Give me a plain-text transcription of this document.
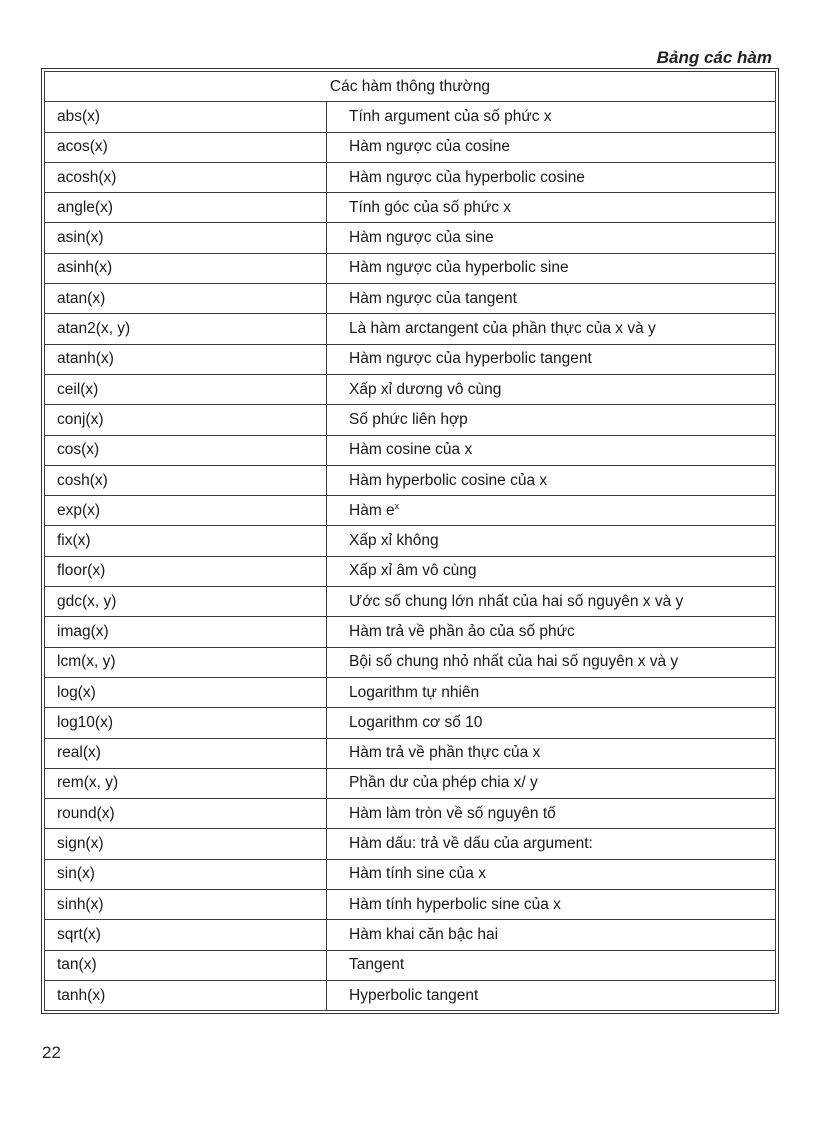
Bảng các hàm
Các hàm thông thường	
abs(x)	Tính argument của số phức x
acos(x)	Hàm ngược của cosine
acosh(x)	Hàm ngược của hyperbolic cosine
angle(x)	Tính góc của số phức x
asin(x)	Hàm ngược của sine
asinh(x)	Hàm ngược của hyperbolic sine
atan(x)	Hàm ngược của tangent
atan2(x, y)	Là hàm arctangent của phần thực của x và y
atanh(x)	Hàm ngược của hyperbolic tangent
ceil(x)	Xấp xỉ dương vô cùng
conj(x)	Số phức liên hợp
cos(x)	Hàm cosine của x
cosh(x)	Hàm hyperbolic cosine của x
exp(x)	Hàm $e^x$
fix(x)	Xấp xỉ không
floor(x)	Xấp xỉ âm vô cùng
gdc(x, y)	Ước số chung lớn nhất của hai số nguyên x và y
imag(x)	Hàm trả về phần ảo của số phức
lcm(x, y)	Bội số chung nhỏ nhất của hai số nguyên x và y
log(x)	Logarithm tự nhiên
log10(x)	Logarithm cơ số 10
real(x)	Hàm trả về phần thực của x
rem(x, y)	Phần dư của phép chia x/ y
round(x)	Hàm làm tròn về số nguyên tố
sign(x)	Hàm dấu: trả về dấu của argument:
sin(x)	Hàm tính sine của x
sinh(x)	Hàm tính hyperbolic sine của x
sqrt(x)	Hàm khai căn bậc hai
tan(x)	Tangent
tanh(x)	Hyperbolic tangent
22
